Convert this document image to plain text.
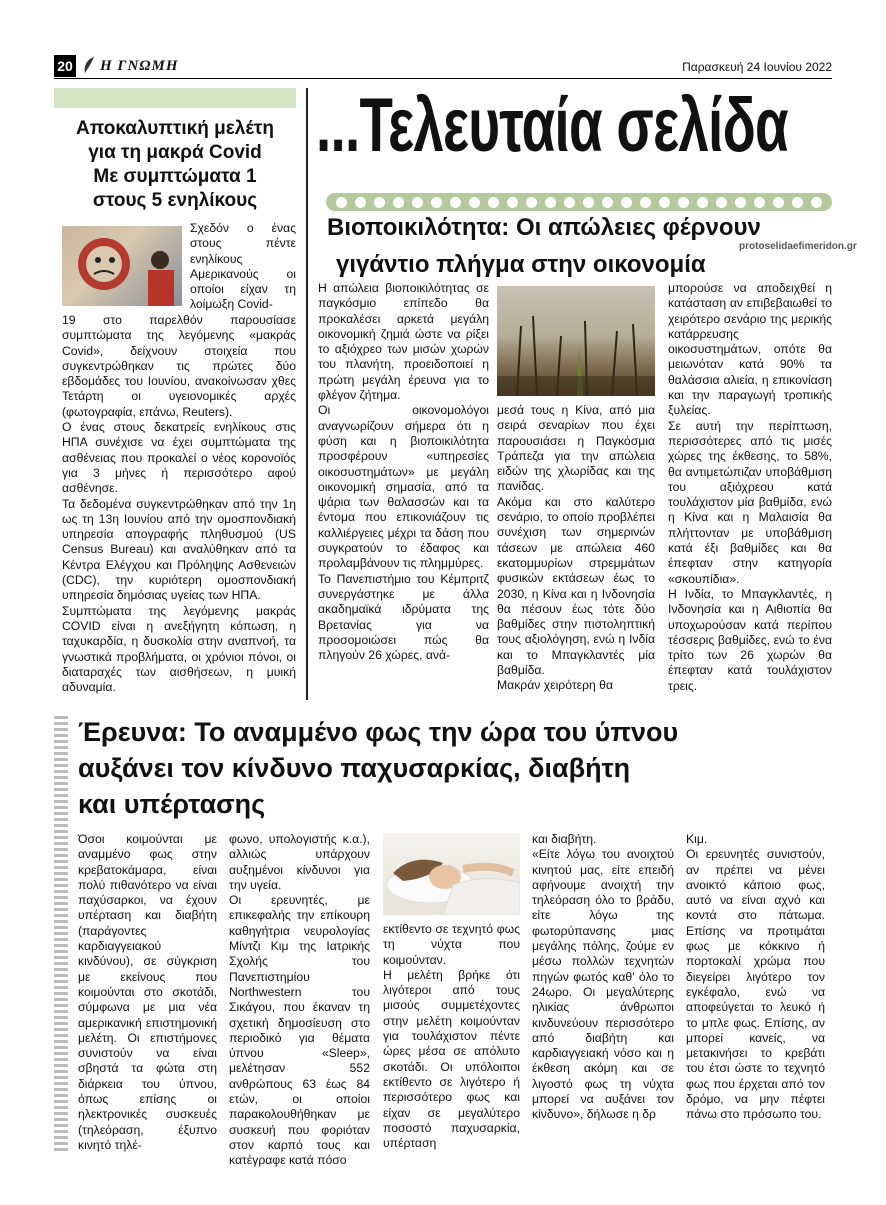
20 Η ΓΝΩΜΗ	Παρασκευή 24 Ιουνίου 2022
Αποκαλυπτική μελέτη
για τη μακρά Covid
Με συμπτώματα 1
στους 5 ενηλίκους

Σχεδόν ο ένας στους πέντε ενηλίκους Αμερικανούς οι οποίοι είχαν τη λοίμωξη Covid-

19 στο παρελθόν παρουσίασε συμπτώματα της λεγόμενης «μακράς Covid», δείχνουν στοιχεία που συγκεντρώθηκαν τις πρώτες δύο εβδομάδες του Ιουνίου, ανακοίνωσαν χθες Τετάρτη οι υγειονομικές αρχές (φωτογραφία, επάνω, Reuters).

Ο ένας στους δεκατρείς ενηλίκους στις ΗΠΑ συνέχισε να έχει συμπτώματα της ασθένειας που προκαλεί ο νέος κορονοϊός για 3 μήνες ή περισσότερο αφού ασθένησε.

Τα δεδομένα συγκεντρώθηκαν από την 1η ως τη 13η Ιουνίου από την ομοσπονδιακή υπηρεσία απογραφής πληθυσμού (US Census Bureau) και αναλύθηκαν από τα Κέντρα Ελέγχου και Πρόληψης Ασθενειών (CDC), την κυριότερη ομοσπονδιακή υπηρεσία δημόσιας υγείας των ΗΠΑ.

Συμπτώματα της λεγόμενης μακράς COVID είναι η ανεξήγητη κόπωση, η ταχυκαρδία, η δυσκολία στην αναπνοή, τα γνωστικά προβλήματα, οι χρόνιοι πόνοι, οι διαταραχές των αισθήσεων, η μυική αδυναμία.

...Τελευταία σελίδα
Βιοποικιλότητα: Οι απώλειες φέρνουν
γιγάντιο πλήγμα στην οικονομία
protoselidaefimeridon.gr

Η απώλεια βιοποικιλότητας σε παγκόσμιο επίπεδο θα προκαλέσει αρκετά μεγάλη οικονομική ζημιά ώστε να ρίξει το αξιόχρεο των μισών χωρών του πλανήτη, προειδοποιεί η πρώτη μεγάλη έρευνα για το φλέγον ζήτημα.

Οι οικονομολόγοι αναγνωρίζουν σήμερα ότι η φύση και η βιοποικιλότητα προσφέρουν «υπηρεσίες οικοσυστημάτων» με μεγάλη οικονομική σημασία, από τα ψάρια των θαλασσών και τα έντομα που επικονιάζουν τις καλλιέργειες μέχρι τα δάση που συγκρατούν το έδαφος και προλαμβάνουν τις πλημμύρες.

Το Πανεπιστήμιο του Κέμπριτζ συνεργάστηκε με άλλα ακαδημαϊκά ιδρύματα της Βρετανίας για να προσομοιώσει πώς θα πληγούν 26 χώρες, ανά-

μεσά τους η Κίνα, από μια σειρά σεναρίων που έχει παρουσιάσει η Παγκόσμια Τράπεζα για την απώλεια ειδών της χλωρίδας και της πανίδας.

Ακόμα και στο καλύτερο σενάριο, το οποίο προβλέπει συνέχιση των σημερινών τάσεων με απώλεια 460 εκατομμυρίων στρεμμάτων φυσικών εκτάσεων έως το 2030, η Κίνα και η Ινδονησία θα πέσουν έως τότε δύο βαθμίδες στην πιστοληπτική τους αξιολόγηση, ενώ η Ινδία και το Μπαγκλαντές μία βαθμίδα.

Μακράν χειρότερη θα

μπορούσε να αποδειχθεί η κατάσταση αν επιβεβαιωθεί το χειρότερο σενάριο της μερικής κατάρρευσης οικοσυστημάτων, οπότε θα μειωνόταν κατά 90% τα θαλάσσια αλιεία, η επικονίαση και την παραγωγή τροπικής ξυλείας.

Σε αυτή την περίπτωση, περισσότερες από τις μισές χώρες της έκθεσης, το 58%, θα αντιμετώπιζαν υποβάθμιση του αξιόχρεου κατά τουλάχιστον μία βαθμίδα, ενώ η Κίνα και η Μαλαισία θα πλήττονταν με υποβάθμιση κατά έξι βαθμίδες και θα έπεφταν στην κατηγορία «σκουπίδια».

Η Ινδία, το Μπαγκλαντές, η Ινδονησία και η Αιθιοπία θα υποχωρούσαν κατά περίπου τέσσερις βαθμίδες, ενώ το ένα τρίτο των 26 χωρών θα έπεφταν κατά τουλάχιστον τρεις.

Έρευνα: Το αναμμένο φως την ώρα του ύπνου
αυξάνει τον κίνδυνο παχυσαρκίας, διαβήτη
και υπέρτασης

Όσοι κοιμούνται με αναμμένο φως στην κρεβατοκάμαρα, είναι πολύ πιθανότερο να είναι παχύσαρκοι, να έχουν υπέρταση και διαβήτη (παράγοντες καρδιαγγειακού κινδύνου), σε σύγκριση με εκείνους που κοιμούνται στο σκοτάδι, σύμφωνα με μια νέα αμερικανική επιστημονική μελέτη. Οι επιστήμονες συνιστούν να είναι σβηστά τα φώτα στη διάρκεια του ύπνου, όπως επίσης οι ηλεκτρονικές συσκευές (τηλεόραση, έξυπνο κινητό τηλέ-

φωνο, υπολογιστής κ.α.), αλλιώς υπάρχουν αυξημένοι κίνδυνοι για την υγεία.

Οι ερευνητές, με επικεφαλής την επίκουρη καθηγήτρια νευρολογίας Μίντζι Κιμ της Ιατρικής Σχολής του Πανεπιστημίου Northwestern του Σικάγου, που έκαναν τη σχετική δημοσίευση στο περιοδικό για θέματα ύπνου «Sleep», μελέτησαν 552 ανθρώπους 63 έως 84 ετών, οι οποίοι παρακολουθήθηκαν με συσκευή που φοριόταν στον καρπό τους και κατέγραφε κατά πόσο

εκτίθεντο σε τεχνητό φως τη νύχτα που κοιμούνταν.

Η μελέτη βρήκε ότι λιγότεροι από τους μισούς συμμετέχοντες στην μελέτη κοιμούνταν για τουλάχιστον πέντε ώρες μέσα σε απόλυτο σκοτάδι. Οι υπόλοιποι εκτίθεντο σε λιγότερο ή περισσότερο φως και είχαν σε μεγαλύτερο ποσοστό παχυσαρκία, υπέρταση

και διαβήτη.

«Είτε λόγω του ανοιχτού κινητού μας, είτε επειδή αφήνουμε ανοιχτή την τηλεόραση όλο το βράδυ, είτε λόγω της φωτορύπανσης μιας μεγάλης πόλης, ζούμε εν μέσω πολλών τεχνητών πηγών φωτός καθ' όλο το 24ωρο. Οι μεγαλύτερης ηλικίας άνθρωποι κινδυνεύουν περισσότερο από διαβήτη και καρδιαγγειακή νόσο και η έκθεση ακόμη και σε λιγοστό φως τη νύχτα μπορεί να αυξάνει τον κίνδυνο», δήλωσε η δρ

Κιμ.

Οι ερευνητές συνιστούν, αν πρέπει να μένει ανοικτό κάποιο φως, αυτό να είναι αχνό και κοντά στο πάτωμα. Επίσης να προτιμάται φως με κόκκινο ή πορτοκαλί χρώμα που διεγείρει λιγότερο τον εγκέφαλο, ενώ να αποφεύγεται το λευκό ή το μπλε φως. Επίσης, αν μπορεί κανείς, να μετακινήσει το κρεβάτι του έτσι ώστε το τεχνητό φως που έρχεται από τον δρόμο, να μην πέφτει πάνω στο πρόσωπο του.
